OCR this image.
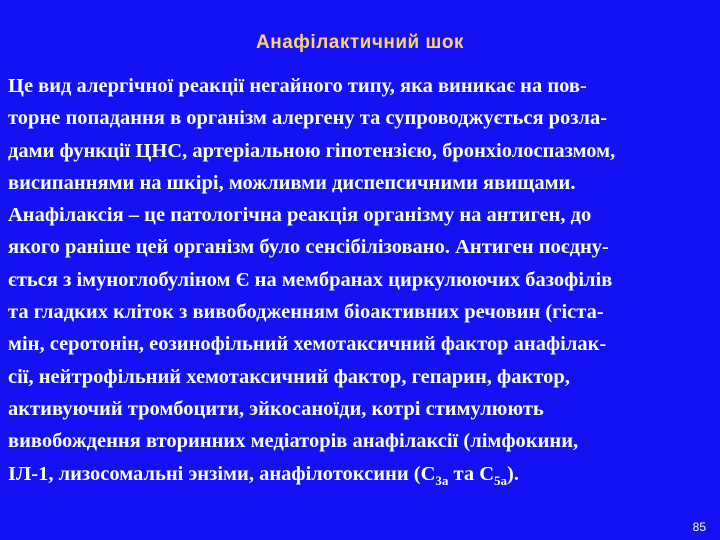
Анафілактичний шок
Це вид алергічної реакції негайного типу, яка виникає на пов-
торне попадання в організм алергену та супроводжується розла-
дами функції ЦНС, артеріальною гіпотензією, бронхіолоспазмом,
висипаннями на шкірі, можливми диспепсичними явищами.
Анафілаксія – це патологічна реакція організму на антиген, до
якого раніше цей організм було сенсібілізовано. Антиген поєдну-
ється з імуноглобуліном Є на мембранах циркулюючих базофілів
та гладких кліток з вивободженням біоактивних речовин (гіста-
мін, серотонін, еозинофільний хемотаксичний фактор анафілак-
сії, нейтрофільний хемотаксичний фактор, гепарин, фактор,
активуючий тромбоцити, эйкосаноїди, котрі стимулюють
вивобождення вторинних медіаторів анафілаксії (лімфокини,
ІЛ-1, лизосомальні энзіми, анафілотоксини ($С_{3а}$ та $С_{5а}$).
85
